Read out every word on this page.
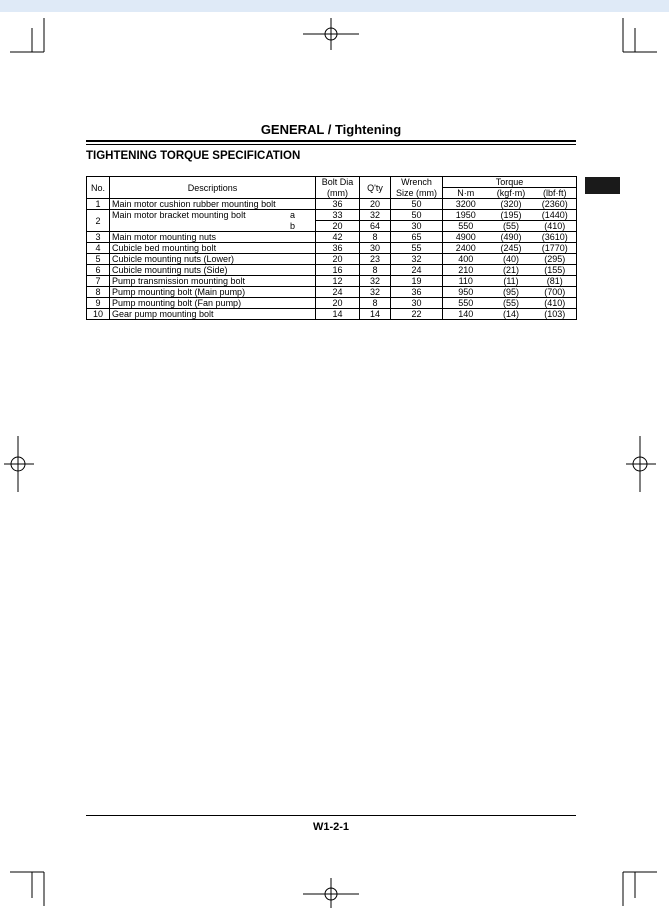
GENERAL / Tightening
TIGHTENING TORQUE SPECIFICATION
No.	Descriptions	Bolt Dia	Q'ty	Wrench	Torque		
		(mm)		Size (mm)	N·m	(kgf·m)	(lbf·ft)
1	Main motor cushion rubber mounting bolt	36	20	50	3200	(320)	(2360)
2	Main motor bracket mounting bolt a	33	32	50	1950	(195)	(1440)

	b	20	64	30	550	(55)	(410)
3	Main motor mounting nuts	42	8	65	4900	(490)	(3610)
4	Cubicle bed mounting bolt	36	30	55	2400	(245)	(1770)
5	Cubicle mounting nuts (Lower)	20	23	32	400	(40)	(295)
6	Cubicle mounting nuts (Side)	16	8	24	210	(21)	(155)
7	Pump transmission mounting bolt	12	32	19	110	(11)	(81)
8	Pump mounting bolt (Main pump)	24	32	36	950	(95)	(700)
9	Pump mounting bolt (Fan pump)	20	8	30	550	(55)	(410)
10	Gear pump mounting bolt	14	14	22	140	(14)	(103)
W1-2-1
